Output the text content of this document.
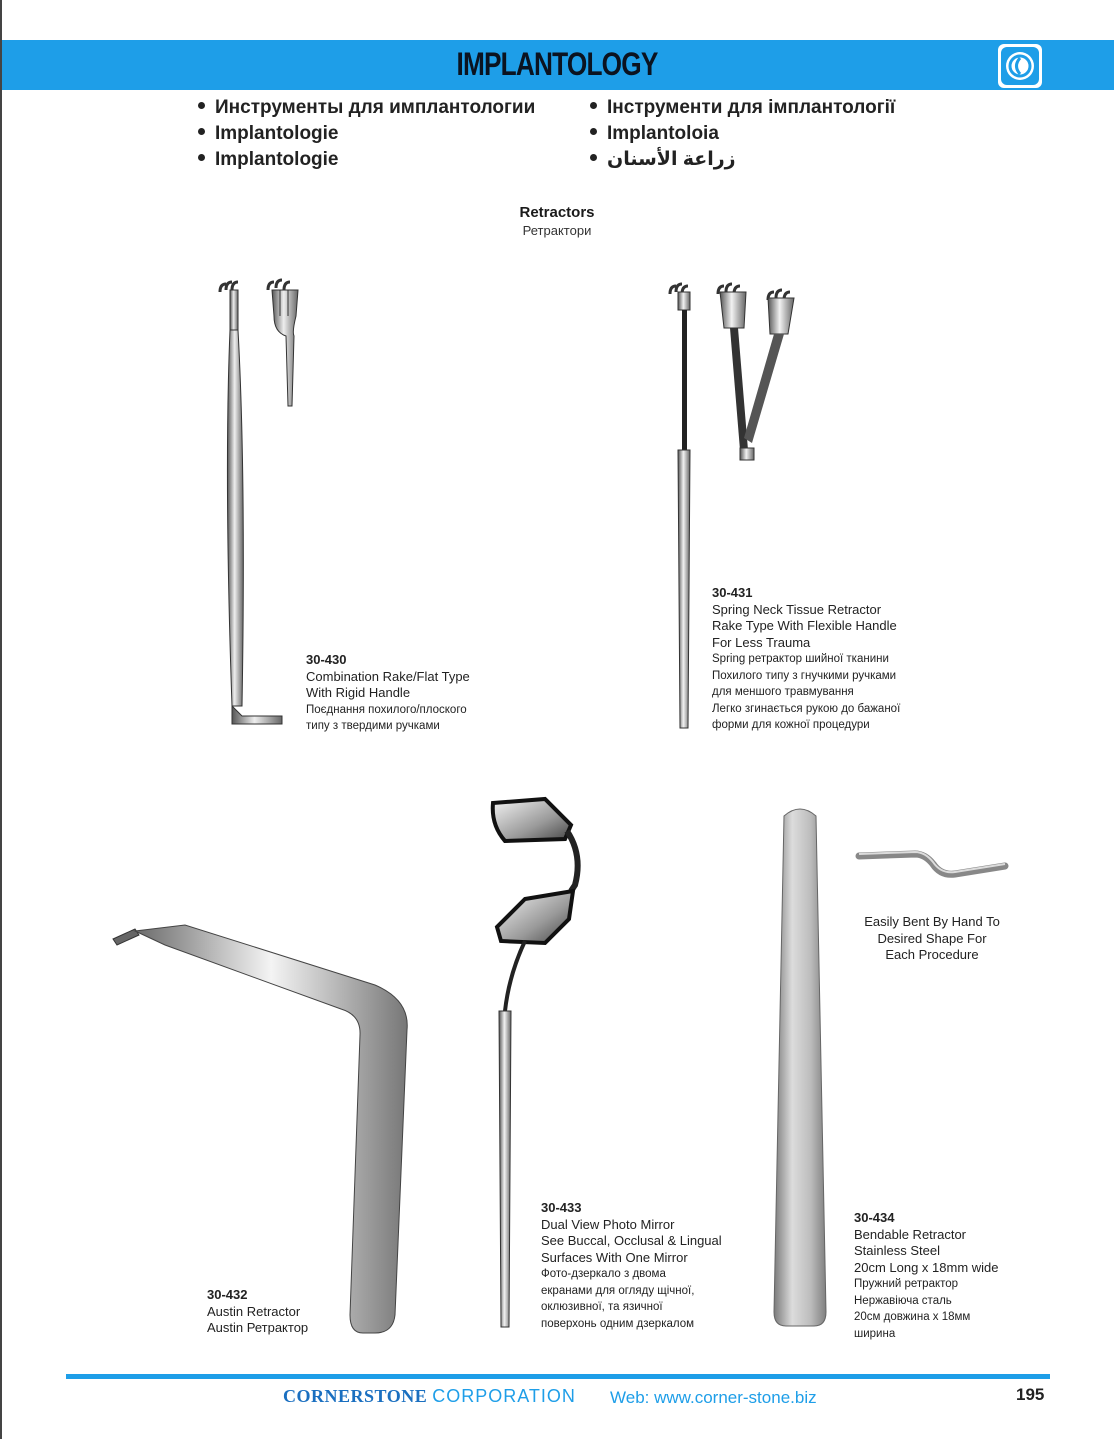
IMPLANTOLOGY
Инструменты для имплантологии
Implantologie
Implantologie
Інструменти для імплантології
Implantoloia
زراعة الأسنان
Retractors
Ретрактори
30-430
Combination Rake/Flat Type
With Rigid Handle
Поєднання похилого/плоского
типу з твердими ручками
30-431
Spring Neck Tissue Retractor
Rake Type With Flexible Handle
For Less Trauma
Spring ретрактор шийної тканини
Похилого типу з гнучкими ручками
для меншого травмування
Легко згинається рукою до бажаної
форми для кожної процедури
30-432
Austin Retractor
Austin Ретрактор
30-433
Dual View Photo Mirror
See Buccal, Occlusal & Lingual
Surfaces With One Mirror
Фото-дзеркало з двома
екранами для огляду щічної,
оклюзивної, та язичної
поверхонь одним дзеркалом
Easily Bent By Hand To
Desired Shape For
Each Procedure
30-434
Bendable Retractor
Stainless Steel
20cm Long x 18mm wide
Пружний ретрактор
Нержавіюча сталь
20см довжина x 18мм
ширина
CORNERSTONE CORPORATION Web: www.corner-stone.biz	195
